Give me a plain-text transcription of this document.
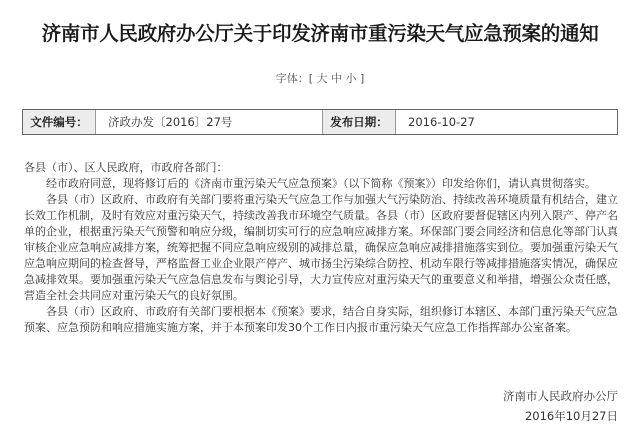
济南市人民政府办公厅关于印发济南市重污染天气应急预案的通知
字体：[ 大 中 小 ]
文件编号：	济政办发〔2016〕27号	发布日期：	2016-10-27

各县（市）、区人民政府，市政府各部门：

经市政府同意，现将修订后的《济南市重污染天气应急预案》（以下简称《预案》）印发给你们，请认真贯彻落实。

各县（市）区政府、市政府有关部门要将重污染天气应急工作与加强大气污染防治、持续改善环境质量有机结合，建立长效工作机制，及时有效应对重污染天气，持续改善我市环境空气质量。各县（市）区政府要督促辖区内列入限产、停产名单的企业，根据重污染天气预警和响应分级，编制切实可行的应急响应减排方案。环保部门要会同经济和信息化等部门认真审核企业应急响应减排方案，统筹把握不同应急响应级别的减排总量，确保应急响应减排措施落实到位。要加强重污染天气应急响应期间的检查督导，严格监督工业企业限产停产、城市扬尘污染综合防控、机动车限行等减排措施落实情况，确保应急减排效果。要加强重污染天气应急信息发布与舆论引导，大力宣传应对重污染天气的重要意义和举措，增强公众责任感，营造全社会共同应对重污染天气的良好氛围。

各县（市）区政府、市政府有关部门要根据本《预案》要求，结合自身实际，组织修订本辖区、本部门重污染天气应急预案、应急预防和响应措施实施方案，并于本预案印发30个工作日内报市重污染天气应急工作指挥部办公室备案。

济南市人民政府办公厅
2016年10月27日
